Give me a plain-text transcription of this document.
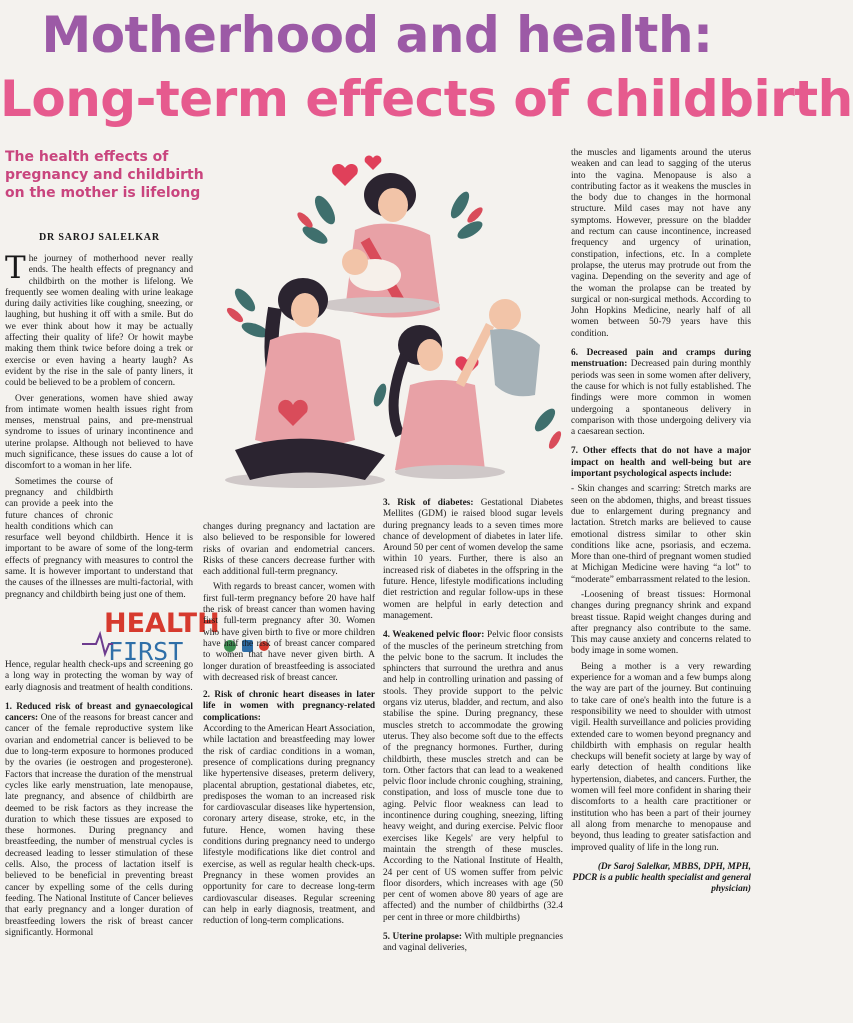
Motherhood and health:
Long-term effects of childbirth
The health effects of pregnancy and childbirth on the mother is lifelong
DR SAROJ SALELKAR

The journey of motherhood never really ends. The health effects of pregnancy and childbirth on the mother is lifelong. We frequently see women dealing with urine leakage during daily activities like coughing, sneezing, or laughing, but hushing it off with a smile. But do we ever think about how it may be actually affecting their quality of life? Or howit maybe making them think twice before doing a trek or exercise or even having a hearty laugh? As evident by the rise in the sale of panty liners, it could be believed to be a problem of concern.

Over generations, women have shied away from intimate women health issues right from menses, menstrual pains, and pre-menstrual syndrome to issues of urinary incontinence and uterine prolapse. Although not believed to have much significance, these issues do cause a lot of discomfort to a woman in her life.

Sometimes the course of pregnancy and childbirth can provide a peek into the future chances of chronic health conditions which can resurface well beyond childbirth. Hence it is important to be aware of some of the long-term effects of pregnancy with measures to control the same. It is however important to understand that the causes of the illnesses are multi-factorial, with pregnancy and childbirth being just one of them.

Hence, regular health check-ups and screening go a long way in protecting the woman by way of early diagnosis and treatment of health conditions.

1. Reduced risk of breast and gynaecological cancers: One of the reasons for breast cancer and cancer of the female reproductive system like ovarian and endometrial cancer is believed to be due to long-term exposure to hormones produced by the ovaries (ie oestrogen and progesterone). Factors that increase the duration of the menstrual cycles like early menstruation, late menopause, late pregnancy, and absence of childbirth are deemed to be risk factors as they increase the duration to which these tissues are exposed to these hormones. During pregnancy and breastfeeding, the number of menstrual cycles is decreased leading to lesser stimulation of these cells. Also, the process of lactation itself is believed to be beneficial in preventing breast cancer by expelling some of the cells during feeding. The National Institute of Cancer believes that early pregnancy and a longer duration of breastfeeding lowers the risk of breast cancer significantly. Hormonal

HEALTH
FIRST

changes during pregnancy and lactation are also believed to be responsible for lowered risks of ovarian and endometrial cancers. Risks of these cancers decrease further with each additional full-term pregnancy.

With regards to breast cancer, women with first full-term pregnancy before 20 have half the risk of breast cancer than women having first full-term pregnancy after 30. Women who have given birth to five or more children have half the risk of breast cancer compared to women that have never given birth. A longer duration of breastfeeding is associated with decreased risk of breast cancer.

2. Risk of chronic heart diseases in later life in women with pregnancy-related complications:
According to the American Heart Association, while lactation and breastfeeding may lower the risk of cardiac conditions in a woman, presence of complications during pregnancy like hypertensive diseases, preterm delivery, placental abruption, gestational diabetes, etc, predisposes the woman to an increased risk for cardiovascular diseases like hypertension, coronary artery disease, stroke, etc, in the future. Hence, women having these conditions during pregnancy need to undergo lifestyle modifications like diet control and exercise, as well as regular health check-ups. Pregnancy in these women provides an opportunity for care to decrease long-term cardiovascular diseases. Regular screening can help in early diagnosis, treatment, and reduction of long-term complications.

3. Risk of diabetes: Gestational Diabetes Mellites (GDM) ie raised blood sugar levels during pregnancy leads to a seven times more chance of development of diabetes in later life. Around 50 per cent of women develop the same within 10 years. Further, there is also an increased risk of diabetes in the offspring in the future. Hence, lifestyle modifications including diet restriction and regular follow-ups in these women are helpful in early detection and management.

4. Weakened pelvic floor: Pelvic floor consists of the muscles of the perineum stretching from the pelvic bone to the sacrum. It includes the sphincters that surround the urethra and anus and help in controlling urination and passing of stools. They provide support to the pelvic organs viz uterus, bladder, and rectum, and also stabilise the spine. During pregnancy, these muscles stretch to accommodate the growing uterus. They also become soft due to the effects of the pregnancy hormones. Further, during childbirth, these muscles stretch and can be torn. Other factors that can lead to a weakened pelvic floor include chronic coughing, straining, constipation, and loss of muscle tone due to aging. Pelvic floor weakness can lead to incontinence during coughing, sneezing, lifting heavy weight, and during exercise. Pelvic floor exercises like Kegels' are very helpful to maintain the strength of these muscles. According to the National Institute of Health, 24 per cent of US women suffer from pelvic floor disorders, which increases with age (50 per cent of women above 80 years of age are affected) and the number of childbirths (32.4 per cent in three or more childbirths)

5. Uterine prolapse: With multiple pregnancies and vaginal deliveries,

the muscles and ligaments around the uterus weaken and can lead to sagging of the uterus into the vagina. Menopause is also a contributing factor as it weakens the muscles in the body due to changes in the hormonal structure. Mild cases may not have any symptoms. However, pressure on the bladder and rectum can cause incontinence, increased frequency and urgency of urination, constipation, infections, etc. In a complete prolapse, the uterus may protrude out from the vagina. Depending on the severity and age of the woman the prolapse can be treated by surgical or non-surgical methods. According to John Hopkins Medicine, nearly half of all women between 50-79 years have this condition.

6. Decreased pain and cramps during menstruation: Decreased pain during monthly periods was seen in some women after delivery, the cause for which is not fully established. The findings were more common in women undergoing a spontaneous delivery in comparison with those undergoing delivery via a caesarean section.

7. Other effects that do not have a major impact on health and well-being but are important psychological aspects include:

- Skin changes and scarring: Stretch marks are seen on the abdomen, thighs, and breast tissues due to enlargement during pregnancy and lactation. Stretch marks are believed to cause emotional distress similar to other skin conditions like acne, psoriasis, and eczema. More than one-third of pregnant women studied at Michigan Medicine were having “a lot” to “moderate” embarrassment related to the lesion.

-Loosening of breast tissues: Hormonal changes during pregnancy shrink and expand breast tissue. Rapid weight changes during and after pregnancy also contribute to the same. This may cause anxiety and concerns related to body image in some women.

Being a mother is a very rewarding experience for a woman and a few bumps along the way are part of the journey. But continuing to take care of one's health into the future is a responsibility we need to shoulder with utmost vigil. Health surveillance and policies providing extended care to women beyond pregnancy and childbirth with emphasis on regular health checkups will benefit society at large by way of early detection of health conditions like hypertension, diabetes, and cancers. Further, the women will feel more confident in sharing their discomforts to a health care practitioner or institution who has been a part of their journey all along from menarche to menopause and beyond, thus leading to greater satisfaction and improved quality of life in the long run.

(Dr Saroj Salelkar, MBBS, DPH, MPH, PDCR is a public health specialist and general physician)
